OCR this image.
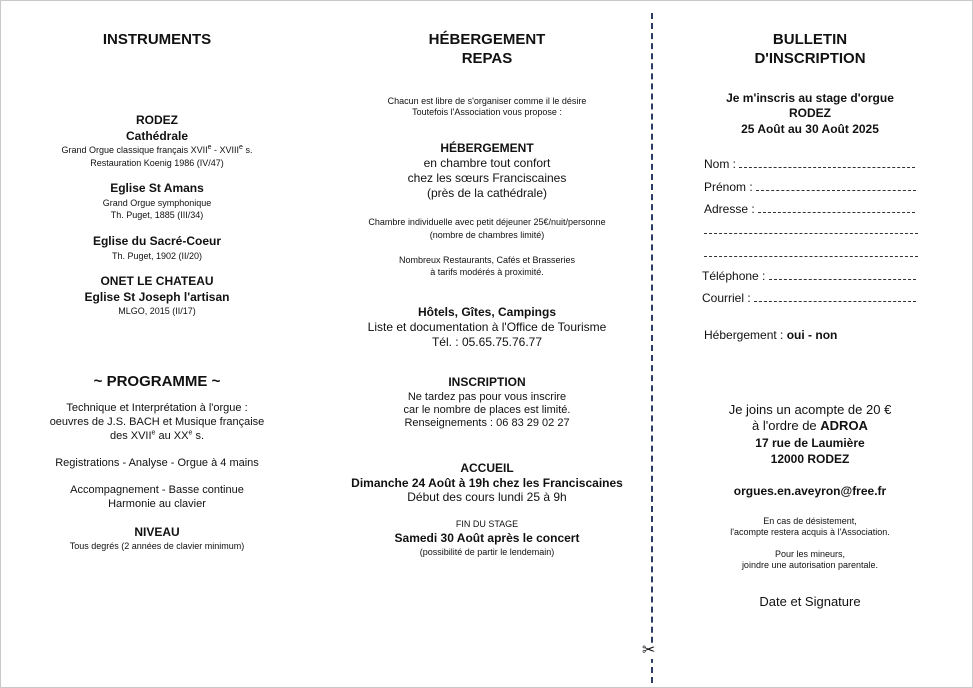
INSTRUMENTS
RODEZ
Cathédrale
Grand Orgue classique français XVIIe - XVIIIe s.
Restauration Koenig 1986 (IV/47)
Eglise St Amans
Grand Orgue symphonique
Th. Puget, 1885 (III/34)
Eglise du Sacré-Coeur
Th. Puget, 1902 (II/20)
ONET LE CHATEAU
Eglise St Joseph l'artisan
MLGO, 2015 (II/17)
~ PROGRAMME ~
Technique et Interprétation à l'orgue :
oeuvres de J.S. BACH et Musique française
des XVIIe au XXe s.
Registrations - Analyse - Orgue à 4 mains
Accompagnement - Basse continue
Harmonie au clavier
NIVEAU
Tous degrés (2 années de clavier minimum)
HÉBERGEMENT
REPAS
Chacun est libre de s'organiser comme il le désire
Toutefois l'Association vous propose :
HÉBERGEMENT
en chambre tout confort
chez les sœurs Franciscaines
(près de la cathédrale)
Chambre individuelle avec petit déjeuner 25€/nuit/personne
(nombre de chambres limité)
Nombreux Restaurants, Cafés et Brasseries
à tarifs modérés à proximité.
Hôtels, Gîtes, Campings
Liste et documentation à l'Office de Tourisme
Tél. : 05.65.75.76.77
INSCRIPTION
Ne tardez pas pour vous inscrire
car le nombre de places est limité.
Renseignements : 06 83 29 02 27
ACCUEIL
Dimanche 24 Août à 19h chez les Franciscaines
Début des cours lundi 25 à 9h
FIN DU STAGE
Samedi 30 Août après le concert
(possibilité de partir le lendemain)
✂
BULLETIN
D'INSCRIPTION
Je m'inscris au stage d'orgue
RODEZ
25 Août au 30 Août 2025
Nom :
Prénom :
Adresse :
Téléphone :
Courriel :
Hébergement : oui - non
Je joins un acompte de 20 €
à l'ordre de ADROA
17 rue de Laumière
12000 RODEZ
orgues.en.aveyron@free.fr
En cas de désistement,
l'acompte restera acquis à l'Association.
Pour les mineurs,
joindre une autorisation parentale.
Date et Signature
